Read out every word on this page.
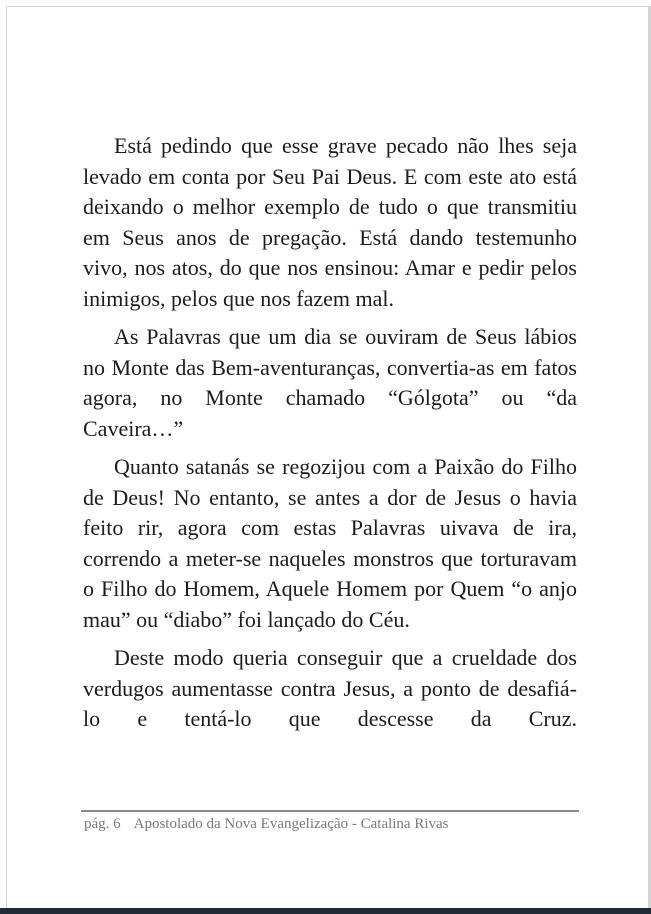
Está pedindo que esse grave pecado não lhes seja levado em conta por Seu Pai Deus. E com este ato está deixando o melhor exemplo de tudo o que transmitiu em Seus anos de pregação. Está dando testemunho vivo, nos atos, do que nos ensinou: Amar e pedir pelos inimigos, pelos que nos fazem mal.

As Palavras que um dia se ouviram de Seus lábios no Monte das Bem-aventuranças, convertia-as em fatos agora, no Monte chamado “Gólgota” ou “da Caveira…”

Quanto satanás se regozijou com a Paixão do Filho de Deus! No entanto, se antes a dor de Jesus o havia feito rir, agora com estas Palavras uivava de ira, correndo a meter-se naqueles monstros que torturavam o Filho do Homem, Aquele Homem por Quem “o anjo mau” ou “diabo” foi lançado do Céu.

Deste modo queria conseguir que a crueldade dos verdugos aumentasse contra Jesus, a ponto de desafiá-lo e tentá-lo que descesse da Cruz.

pág. 6 Apostolado da Nova Evangelização - Catalina Rivas
